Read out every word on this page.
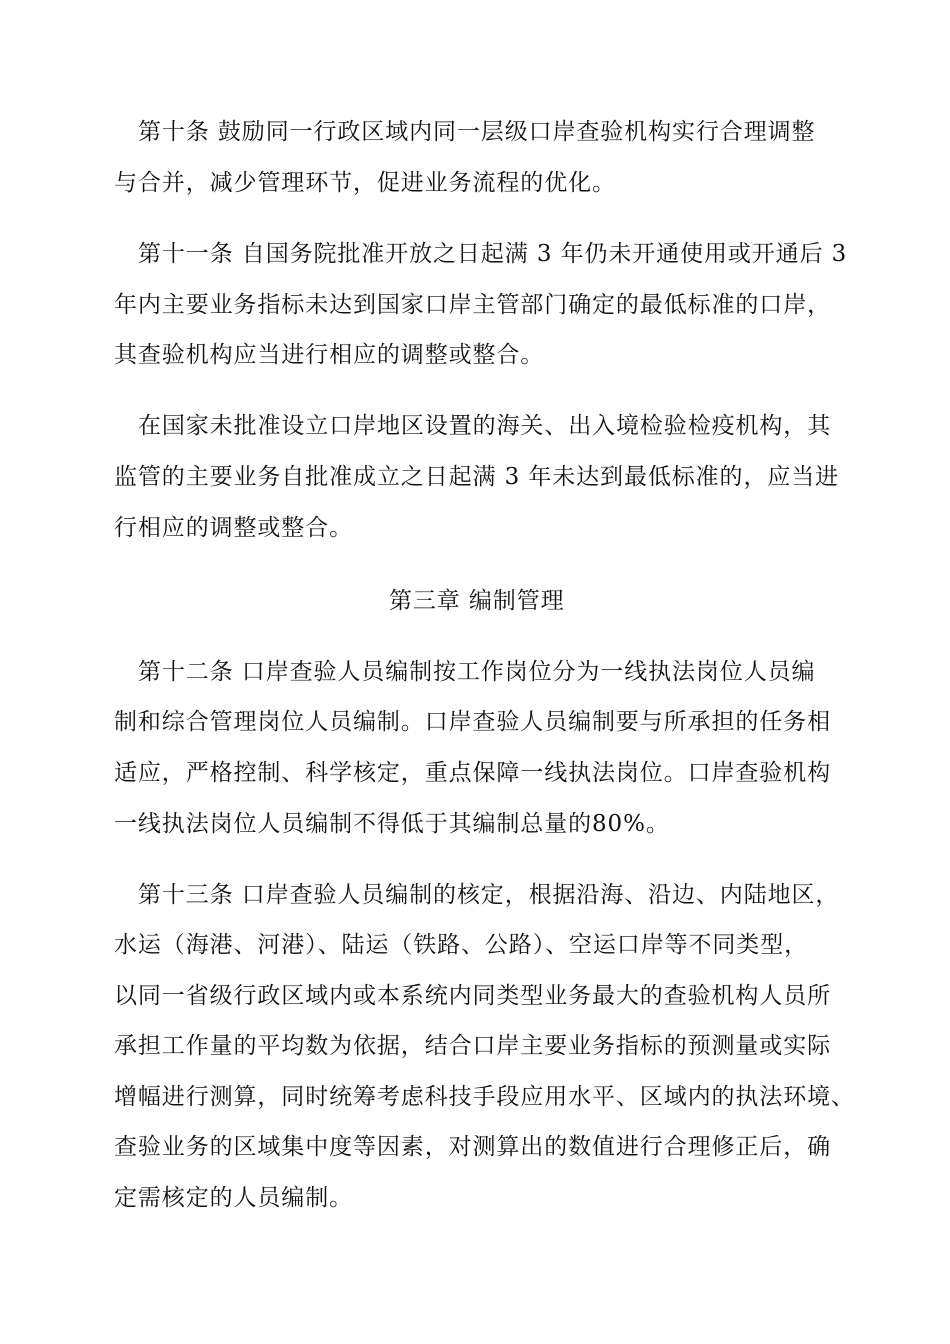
第十条 鼓励同一行政区域内同一层级口岸查验机构实行合理调整
与合并，减少管理环节，促进业务流程的优化。
第十一条 自国务院批准开放之日起满 3 年仍未开通使用或开通后 3
年内主要业务指标未达到国家口岸主管部门确定的最低标准的口岸，
其查验机构应当进行相应的调整或整合。
在国家未批准设立口岸地区设置的海关、出入境检验检疫机构，其
监管的主要业务自批准成立之日起满 3 年未达到最低标准的，应当进
行相应的调整或整合。
第三章 编制管理
第十二条 口岸查验人员编制按工作岗位分为一线执法岗位人员编
制和综合管理岗位人员编制。口岸查验人员编制要与所承担的任务相
适应，严格控制、科学核定，重点保障一线执法岗位。口岸查验机构
一线执法岗位人员编制不得低于其编制总量的80%。
第十三条 口岸查验人员编制的核定，根据沿海、沿边、内陆地区，
水运（海港、河港）、陆运（铁路、公路）、空运口岸等不同类型，
以同一省级行政区域内或本系统内同类型业务最大的查验机构人员所
承担工作量的平均数为依据，结合口岸主要业务指标的预测量或实际
增幅进行测算，同时统筹考虑科技手段应用水平、区域内的执法环境、
查验业务的区域集中度等因素，对测算出的数值进行合理修正后，确
定需核定的人员编制。
